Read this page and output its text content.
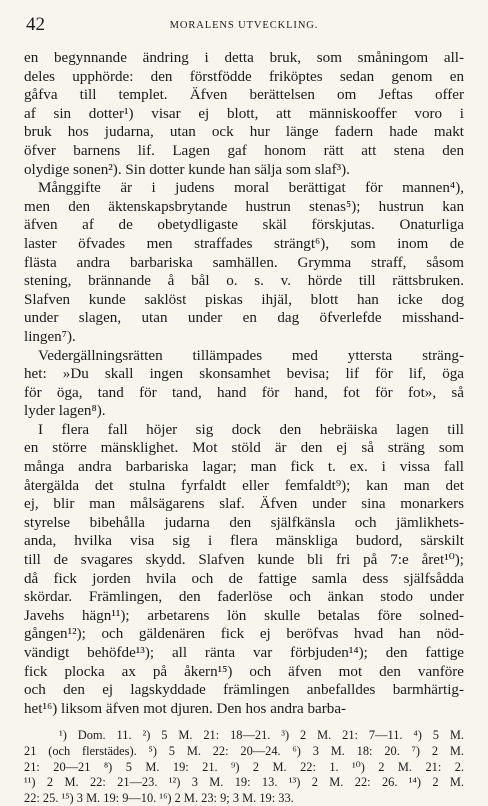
42	MORALENS UTVECKLING.
en begynnande ändring i detta bruk, som småningom all-
deles upphörde: den förstfödde friköptes sedan genom en
gåfva till templet. Äfven berättelsen om Jeftas offer
af sin dotter¹) visar ej blott, att människooffer voro i
bruk hos judarna, utan ock hur länge fadern hade makt
öfver barnens lif. Lagen gaf honom rätt att stena den
olydige sonen²). Sin dotter kunde han sälja som slaf³).
Månggifte är i judens moral berättigat för mannen⁴),
men den äktenskapsbrytande hustrun stenas⁵); hustrun kan
äfven af de obetydligaste skäl förskjutas. Onaturliga
laster öfvades men straffades strängt⁶), som inom de
flästa andra barbariska samhällen. Grymma straff, såsom
stening, brännande å bål o. s. v. hörde till rättsbruken.
Slafven kunde saklöst piskas ihjäl, blott han icke dog
under slagen, utan under en dag öfverlefde misshand-
lingen⁷).
Vedergällningsrätten tillämpades med yttersta sträng-
het: »Du skall ingen skonsamhet bevisa; lif för lif, öga
för öga, tand för tand, hand för hand, fot för fot», så
lyder lagen⁸).
I flera fall höjer sig dock den hebräiska lagen till
en större mänsklighet. Mot stöld är den ej så sträng som
många andra barbariska lagar; man fick t. ex. i vissa fall
återgälda det stulna fyrfaldt eller femfaldt⁹); kan man det
ej, blir man målsägarens slaf. Äfven under sina monarkers
styrelse bibehålla judarna den själfkänsla och jämlikhets-
anda, hvilka visa sig i flera mänskliga budord, särskilt
till de svagares skydd. Slafven kunde bli fri på 7:e året¹⁰);
då fick jorden hvila och de fattige samla dess själfsådda
skördar. Främlingen, den faderlöse och änkan stodo under
Javehs hägn¹¹); arbetarens lön skulle betalas före solned-
gången¹²); och gäldenären fick ej beröfvas hvad han nöd-
vändigt behöfde¹³); all ränta var förbjuden¹⁴); den fattige
fick plocka ax på åkern¹⁵) och äfven mot den vanföre
och den ej lagskyddade främlingen anbefalldes barmhärtig-
het¹⁶) liksom äfven mot djuren. Den hos andra barba-
¹) Dom. 11. ²) 5 M. 21: 18—21. ³) 2 M. 21: 7—11. ⁴) 5 M.
21 (och flerstädes). ⁵) 5 M. 22: 20—24. ⁶) 3 M. 18: 20. ⁷) 2 M.
21: 20—21 ⁸) 5 M. 19: 21. ⁹) 2 M. 22: 1. ¹⁰) 2 M. 21: 2.
¹¹) 2 M. 22: 21—23. ¹²) 3 M. 19: 13. ¹³) 2 M. 22: 26. ¹⁴) 2 M.
22: 25. ¹⁵) 3 M. 19: 9—10. ¹⁶) 2 M. 23: 9; 3 M. 19: 33.
